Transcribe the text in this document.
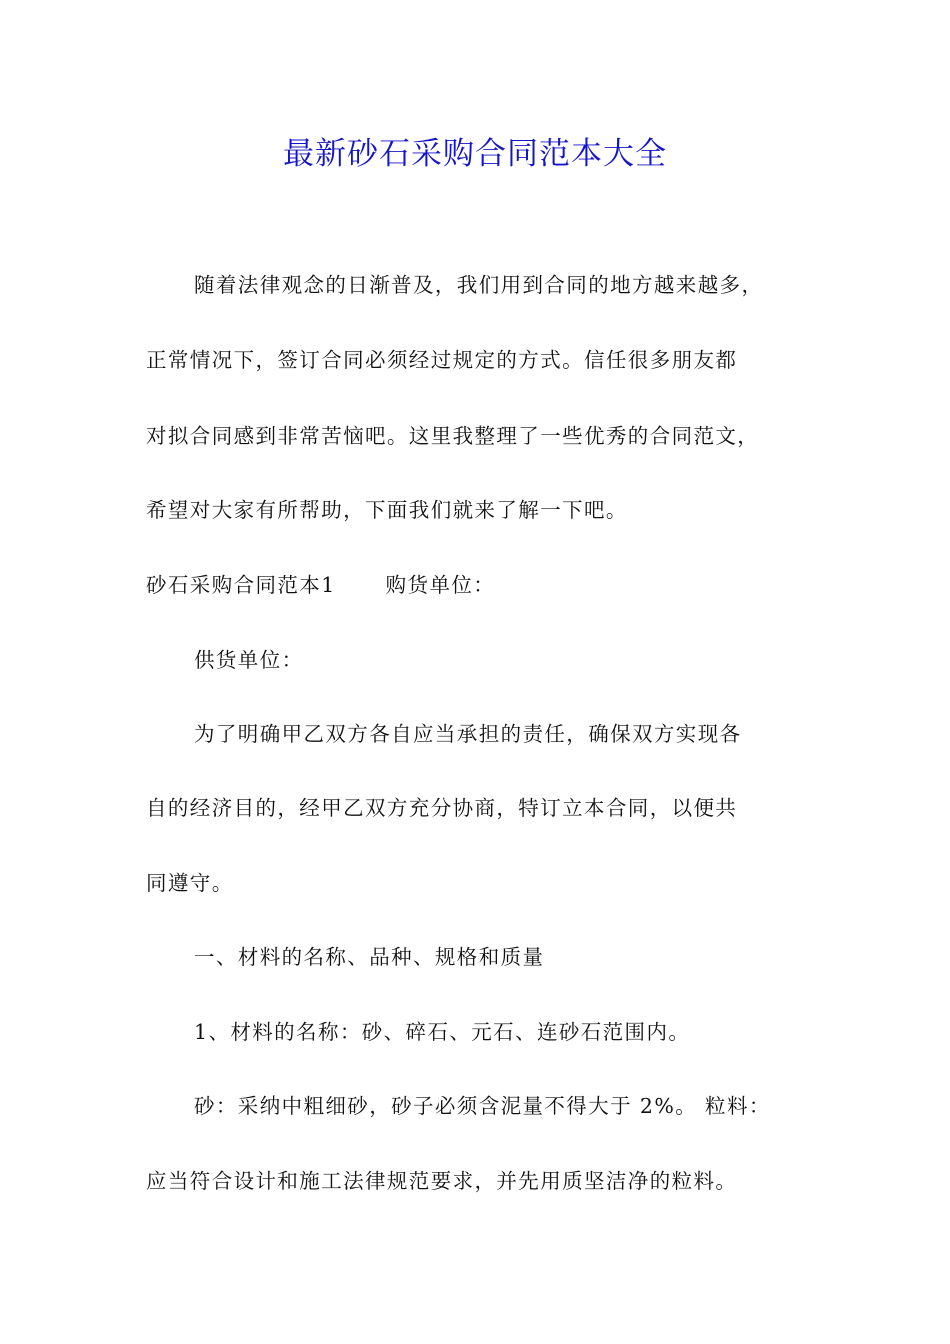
最新砂石采购合同范本大全

随着法律观念的日渐普及，我们用到合同的地方越来越多，

正常情况下，签订合同必须经过规定的方式。信任很多朋友都

对拟合同感到非常苦恼吧。这里我整理了一些优秀的合同范文，

希望对大家有所帮助，下面我们就来了解一下吧。

砂石采购合同范本1 购货单位：

供货单位：

为了明确甲乙双方各自应当承担的责任，确保双方实现各

自的经济目的，经甲乙双方充分协商，特订立本合同，以便共

同遵守。

一、材料的名称、品种、规格和质量

1、材料的名称：砂、碎石、元石、连砂石范围内。

砂：采纳中粗细砂，砂子必须含泥量不得大于 2%。 粒料：

应当符合设计和施工法律规范要求，并先用质坚洁净的粒料。
